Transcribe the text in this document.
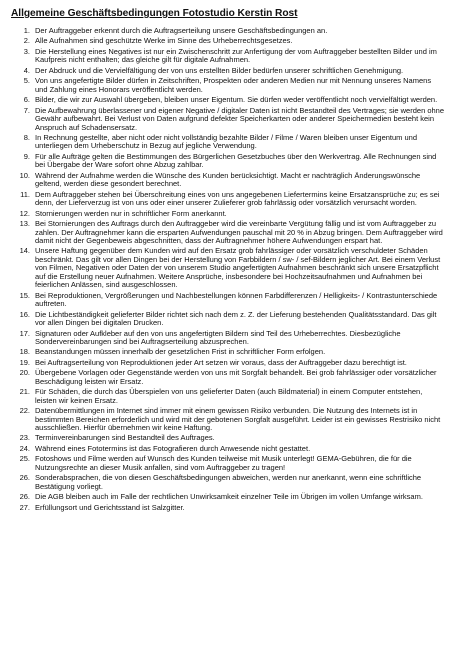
Allgemeine Geschäftsbedingungen Fotostudio Kerstin Rost
1. Der Auftraggeber erkennt durch die Auftragserteilung unsere Geschäftsbedingungen an.
2. Alle Aufnahmen sind geschützte Werke im Sinne des Urheberrechtsgesetzes.
3. Die Herstellung eines Negatives ist nur ein Zwischenschritt zur Anfertigung der vom Auftraggeber bestellten Bilder und im Kaufpreis nicht enthalten; das gleiche gilt für digitale Aufnahmen.
4. Der Abdruck und die Vervielfältigung der von uns erstellten Bilder bedürfen unserer schriftlichen Genehmigung.
5. Von uns angefertigte Bilder dürfen in Zeitschriften, Prospekten oder anderen Medien nur mit Nennung unseres Namens und Zahlung eines Honorars veröffentlicht werden.
6. Bilder, die wir zur Auswahl übergeben, bleiben unser Eigentum. Sie dürfen weder veröffentlicht noch vervielfältigt werden.
7. Die Aufbewahrung überlassener und eigener Negative / digitaler Daten ist nicht Bestandteil des Vertrages; sie werden ohne Gewähr aufbewahrt. Bei Verlust von Daten aufgrund defekter Speicherkarten oder anderer Speichermedien besteht kein Anspruch auf Schadensersatz.
8. In Rechnung gestellte, aber nicht oder nicht vollständig bezahlte Bilder / Filme / Waren bleiben unser Eigentum und unterliegen dem Urheberschutz in Bezug auf jegliche Verwendung.
9. Für alle Aufträge gelten die Bestimmungen des Bürgerlichen Gesetzbuches über den Werkvertrag. Alle Rechnungen sind bei Übergabe der Ware sofort ohne Abzug zahlbar.
10. Während der Aufnahme werden die Wünsche des Kunden berücksichtigt. Macht er nachträglich Änderungswünsche geltend, werden diese gesondert berechnet.
11. Dem Auftraggeber stehen bei Überschreitung eines von uns angegebenen Liefertermins keine Ersatzansprüche zu; es sei denn, der Lieferverzug ist von uns oder einer unserer Zulieferer grob fahrlässig oder vorsätzlich verursacht worden.
12. Stornierungen werden nur in schriftlicher Form anerkannt.
13. Bei Stornierungen des Auftrags durch den Auftraggeber wird die vereinbarte Vergütung fällig und ist vom Auftraggeber zu zahlen. Der Auftragnehmer kann die ersparten Aufwendungen pauschal mit 20 % in Abzug bringen. Dem Auftraggeber wird damit nicht der Gegenbeweis abgeschnitten, dass der Auftragnehmer höhere Aufwendungen erspart hat.
14. Unsere Haftung gegenüber dem Kunden wird auf den Ersatz grob fahrlässiger oder vorsätzlich verschuldeter Schäden beschränkt. Das gilt vor allen Dingen bei der Herstellung von Farbbildern / sw- / sef-Bildern jeglicher Art. Bei einem Verlust von Filmen, Negativen oder Daten der von unserem Studio angefertigten Aufnahmen beschränkt sich unsere Ersatzpflicht auf die Erstellung neuer Aufnahmen. Weitere Ansprüche, insbesondere bei Hochzeitsaufnahmen und Aufnahmen bei feierlichen Anlässen, sind ausgeschlossen.
15. Bei Reproduktionen, Vergrößerungen und Nachbestellungen können Farbdifferenzen / Helligkeits- / Kontrastunterschiede auftreten.
16. Die Lichtbeständigkeit gelieferter Bilder richtet sich nach dem z. Z. der Lieferung bestehenden Qualitätsstandard. Das gilt vor allen Dingen bei digitalen Drucken.
17. Signaturen oder Aufkleber auf den von uns angefertigten Bildern sind Teil des Urheberrechtes. Diesbezügliche Sondervereinbarungen sind bei Auftragserteilung abzusprechen.
18. Beanstandungen müssen innerhalb der gesetzlichen Frist in schriftlicher Form erfolgen.
19. Bei Auftragserteilung von Reproduktionen jeder Art setzen wir voraus, dass der Auftraggeber dazu berechtigt ist.
20. Übergebene Vorlagen oder Gegenstände werden von uns mit Sorgfalt behandelt. Bei grob fahrlässiger oder vorsätzlicher Beschädigung leisten wir Ersatz.
21. Für Schäden, die durch das Überspielen von uns gelieferter Daten (auch Bildmaterial) in einem Computer entstehen, leisten wir keinen Ersatz.
22. Datenübermittlungen im Internet sind immer mit einem gewissen Risiko verbunden. Die Nutzung des Internets ist in bestimmten Bereichen erforderlich und wird mit der gebotenen Sorgfalt ausgeführt. Leider ist ein gewisses Restrisiko nicht ausschließen. Hierfür übernehmen wir keine Haftung.
23. Terminvereinbarungen sind Bestandteil des Auftrages.
24. Während eines Fototermins ist das Fotografieren durch Anwesende nicht gestattet.
25. Fotoshows und Filme werden auf Wunsch des Kunden teilweise mit Musik unterlegt! GEMA-Gebühren, die für die Nutzungsrechte an dieser Musik anfallen, sind vom Auftraggeber zu tragen!
26. Sonderabsprachen, die von diesen Geschäftsbedingungen abweichen, werden nur anerkannt, wenn eine schriftliche Bestätigung vorliegt.
26. Die AGB bleiben auch im Falle der rechtlichen Unwirksamkeit einzelner Teile im Übrigen im vollen Umfange wirksam.
27. Erfüllungsort und Gerichtsstand ist Salzgitter.
